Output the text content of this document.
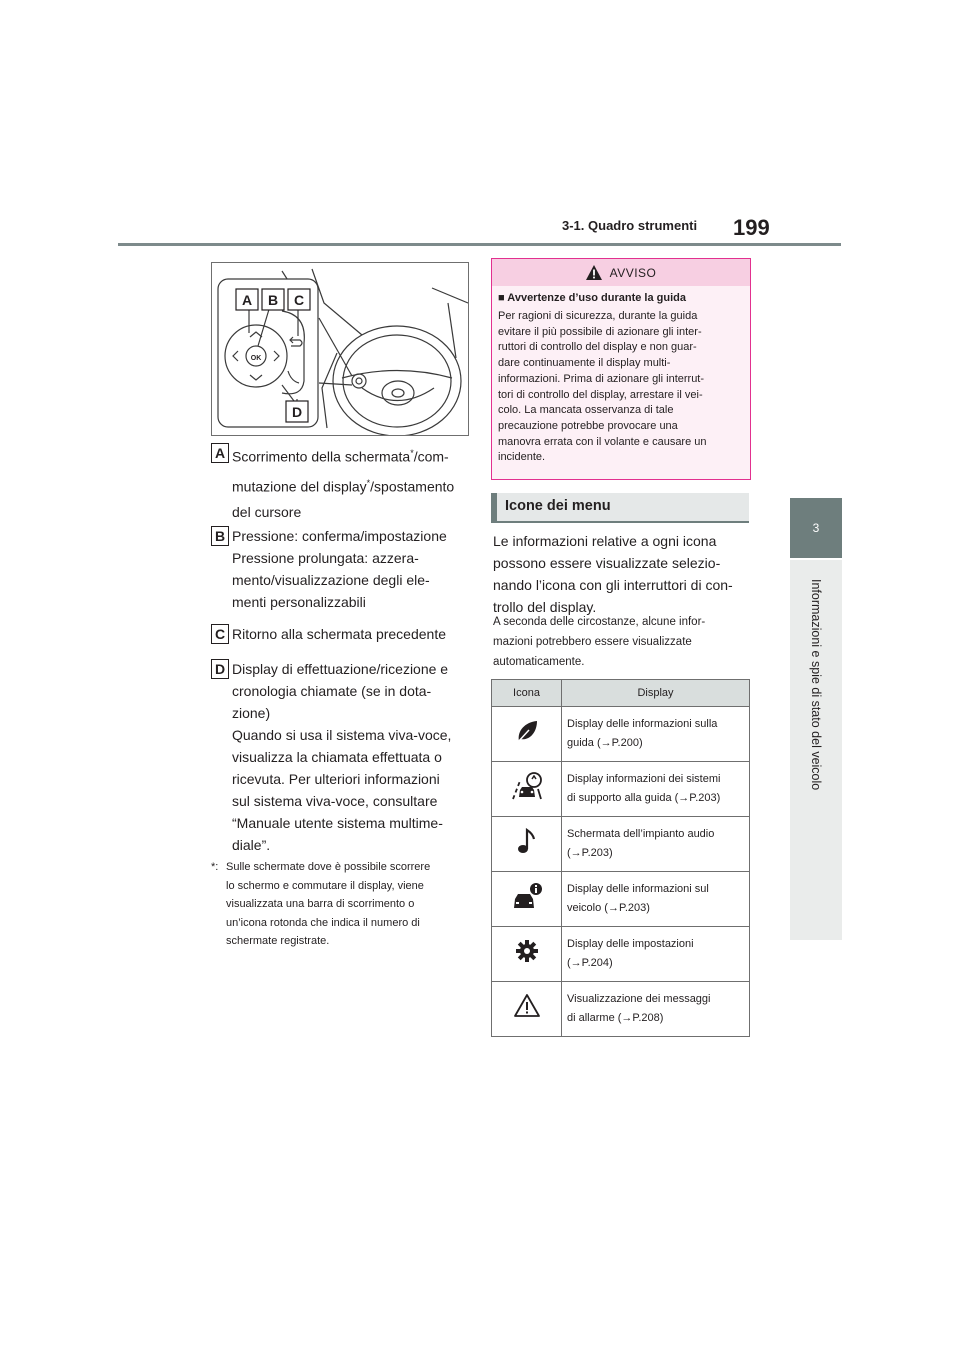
199
3-1. Quadro strumenti
3
Informazioni e spie di stato del veicolo
OK
A B C
D
A Scorrimento della schermata*/com-
mutazione del display*/spostamento
del cursore
B Pressione: conferma/impostazione
Pressione prolungata: azzera-
mento/visualizzazione degli ele-
menti personalizzabili
C Ritorno alla schermata precedente
D Display di effettuazione/ricezione e
cronologia chiamate (se in dota-
zione)
Quando si usa il sistema viva-voce,
visualizza la chiamata effettuata o
ricevuta. Per ulteriori informazioni
sul sistema viva-voce, consultare
“Manuale utente sistema multime-
diale”.
*: Sulle schermate dove è possibile scorrere
lo schermo e commutare il display, viene
visualizzata una barra di scorrimento o
un’icona rotonda che indica il numero di
schermate registrate.
AVVISO
■ Avvertenze d’uso durante la guida
Per ragioni di sicurezza, durante la guida
evitare il più possibile di azionare gli inter-
ruttori di controllo del display e non guar-
dare continuamente il display multi-
informazioni. Prima di azionare gli interrut-
tori di controllo del display, arrestare il vei-
colo. La mancata osservanza di tale
precauzione potrebbe provocare una
manovra errata con il volante e causare un
incidente.
Icone dei menu
Le informazioni relative a ogni icona
possono essere visualizzate selezio-
nando l’icona con gli interruttori di con-
trollo del display.
A seconda delle circostanze, alcune infor-
mazioni potrebbero essere visualizzate
automaticamente.
Icona	Display

Display delle informazioni sulla
guida (→P.200)

Display informazioni dei sistemi
di supporto alla guida (→P.203)

Schermata dell’impianto audio
(→P.203)

Display delle informazioni sul
veicolo (→P.203)

Display delle impostazioni
(→P.204)

Visualizzazione dei messaggi
di allarme (→P.208)
